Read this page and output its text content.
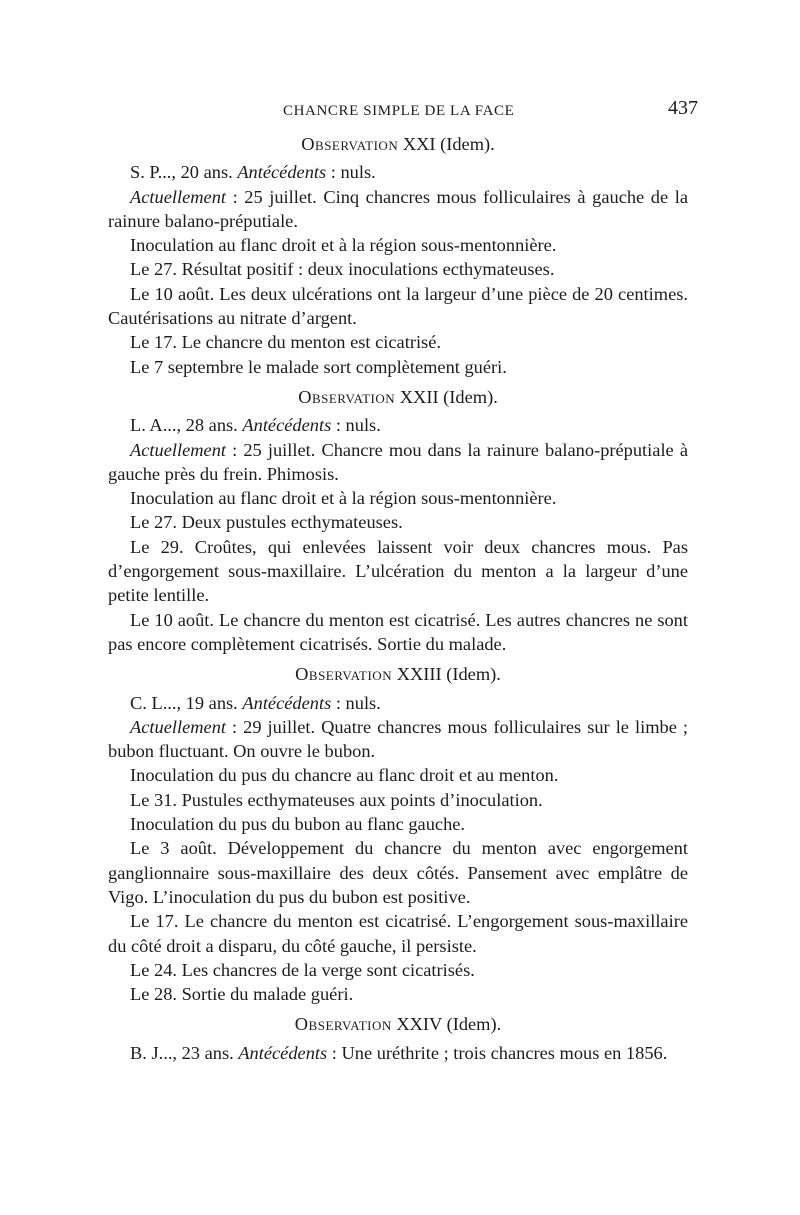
CHANCRE SIMPLE DE LA FACE	437
Observation XXI (Idem).

S. P..., 20 ans. Antécédents : nuls.

Actuellement : 25 juillet. Cinq chancres mous folliculaires à gauche de la rainure balano-préputiale.

Inoculation au flanc droit et à la région sous-mentonnière.

Le 27. Résultat positif : deux inoculations ecthymateuses.

Le 10 août. Les deux ulcérations ont la largeur d’une pièce de 20 centimes. Cautérisations au nitrate d’argent.

Le 17. Le chancre du menton est cicatrisé.

Le 7 septembre le malade sort complètement guéri.

Observation XXII (Idem).

L. A..., 28 ans. Antécédents : nuls.

Actuellement : 25 juillet. Chancre mou dans la rainure balano-préputiale à gauche près du frein. Phimosis.

Inoculation au flanc droit et à la région sous-mentonnière.

Le 27. Deux pustules ecthymateuses.

Le 29. Croûtes, qui enlevées laissent voir deux chancres mous. Pas d’engorgement sous-maxillaire. L’ulcération du menton a la largeur d’une petite lentille.

Le 10 août. Le chancre du menton est cicatrisé. Les autres chancres ne sont pas encore complètement cicatrisés. Sortie du malade.

Observation XXIII (Idem).

C. L..., 19 ans. Antécédents : nuls.

Actuellement : 29 juillet. Quatre chancres mous folliculaires sur le limbe ; bubon fluctuant. On ouvre le bubon.

Inoculation du pus du chancre au flanc droit et au menton.

Le 31. Pustules ecthymateuses aux points d’inoculation.

Inoculation du pus du bubon au flanc gauche.

Le 3 août. Développement du chancre du menton avec engorgement ganglionnaire sous-maxillaire des deux côtés. Pansement avec emplâtre de Vigo. L’inoculation du pus du bubon est positive.

Le 17. Le chancre du menton est cicatrisé. L’engorgement sous-maxillaire du côté droit a disparu, du côté gauche, il persiste.

Le 24. Les chancres de la verge sont cicatrisés.

Le 28. Sortie du malade guéri.

Observation XXIV (Idem).

B. J..., 23 ans. Antécédents : Une uréthrite ; trois chancres mous en 1856.
